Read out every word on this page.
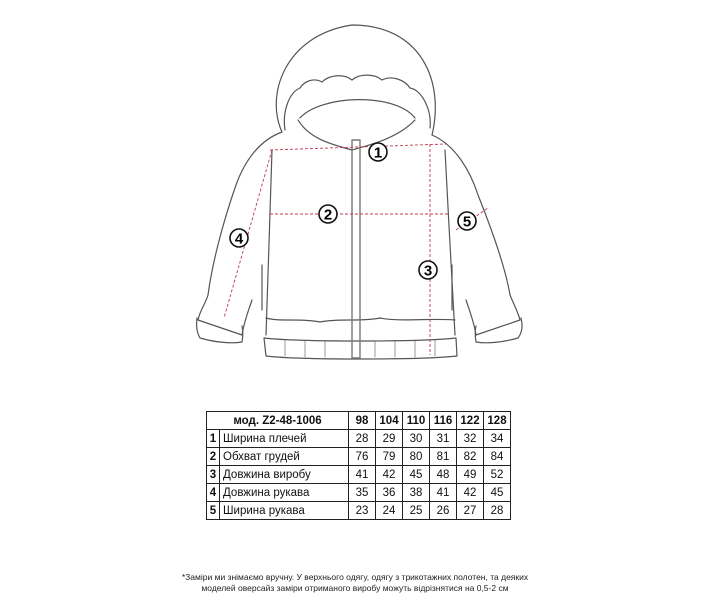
1
2
3
4
5
мод. Z2-48-1006		98	104	110	116	122	128
1	Ширина плечей	28	29	30	31	32	34
2	Обхват грудей	76	79	80	81	82	84
3	Довжина виробу	41	42	45	48	49	52
4	Довжина рукава	35	36	38	41	42	45
5	Ширина рукава	23	24	25	26	27	28
*Заміри ми знімаємо вручну. У верхнього одягу, одягу з трикотажних полотен, та деяких
моделей оверсайз заміри отриманого виробу можуть відрізнятися на 0,5-2 см
